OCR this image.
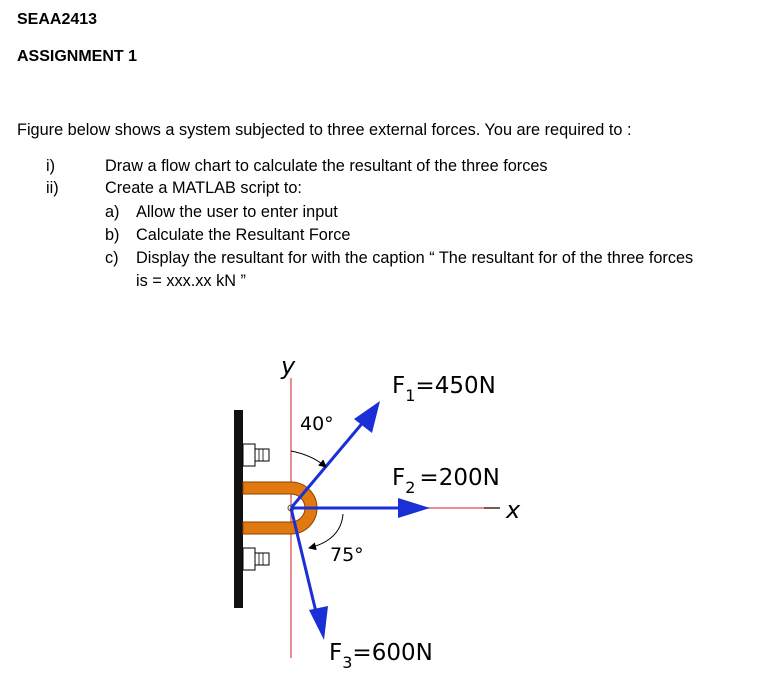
SEAA2413
ASSIGNMENT 1
Figure below shows a system subjected to three external forces. You are required to :
i)	Draw a flow chart to calculate the resultant of the three forces
ii)	Create a MATLAB script to:
a) Allow the user to enter input
b) Calculate the Resultant Force
c) Display the resultant for with the caption “ The resultant for of the three forces
is = xxx.xx kN ”
y
x
40°
75°
$F_1=450N$
$F_2 =200N$
$F_3=600N$
